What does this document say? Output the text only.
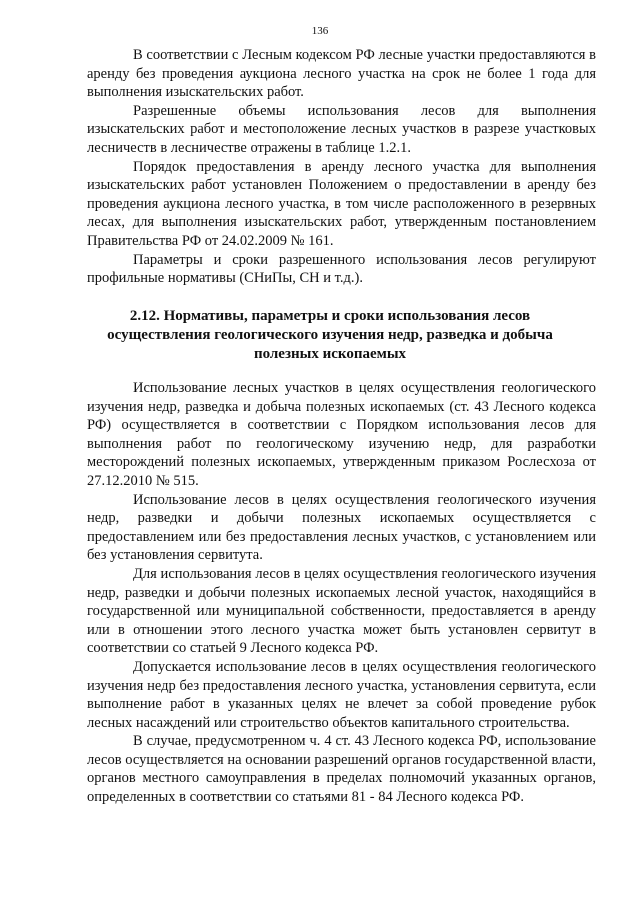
136

В соответствии с Лесным кодексом РФ лесные участки предоставляются в аренду без проведения аукциона лесного участка на срок не более 1 года для выполнения изыскательских работ.

Разрешенные объемы использования лесов для выполнения изыскательских работ и местоположение лесных участков в разрезе участковых лесничеств в лесничестве отражены в таблице 1.2.1.

Порядок предоставления в аренду лесного участка для выполнения изыскательских работ установлен Положением о предоставлении в аренду без проведения аукциона лесного участка, в том числе расположенного в резервных лесах, для выполнения изыскательских работ, утвержденным постановлением Правительства РФ от 24.02.2009 № 161.

Параметры и сроки разрешенного использования лесов регулируют профильные нормативы (СНиПы, СН и т.д.).

2.12. Нормативы, параметры и сроки использования лесов осуществления геологического изучения недр, разведка и добыча полезных ископаемых

Использование лесных участков в целях осуществления геологического изучения недр, разведка и добыча полезных ископаемых (ст. 43 Лесного кодекса РФ) осуществляется в соответствии с Порядком использования лесов для выполнения работ по геологическому изучению недр, для разработки месторождений полезных ископаемых, утвержденным приказом Рослесхоза от 27.12.2010 № 515.

Использование лесов в целях осуществления геологического изучения недр, разведки и добычи полезных ископаемых осуществляется с предоставлением или без предоставления лесных участков, с установлением или без установления сервитута.

Для использования лесов в целях осуществления геологического изучения недр, разведки и добычи полезных ископаемых лесной участок, находящийся в государственной или муниципальной собственности, предоставляется в аренду или в отношении этого лесного участка может быть установлен сервитут в соответствии со статьей 9 Лесного кодекса РФ.

Допускается использование лесов в целях осуществления геологического изучения недр без предоставления лесного участка, установления сервитута, если выполнение работ в указанных целях не влечет за собой проведение рубок лесных насаждений или строительство объектов капитального строительства.

В случае, предусмотренном ч. 4 ст. 43 Лесного кодекса РФ, использование лесов осуществляется на основании разрешений органов государственной власти, органов местного самоуправления в пределах полномочий указанных органов, определенных в соответствии со статьями 81 - 84 Лесного кодекса РФ.
